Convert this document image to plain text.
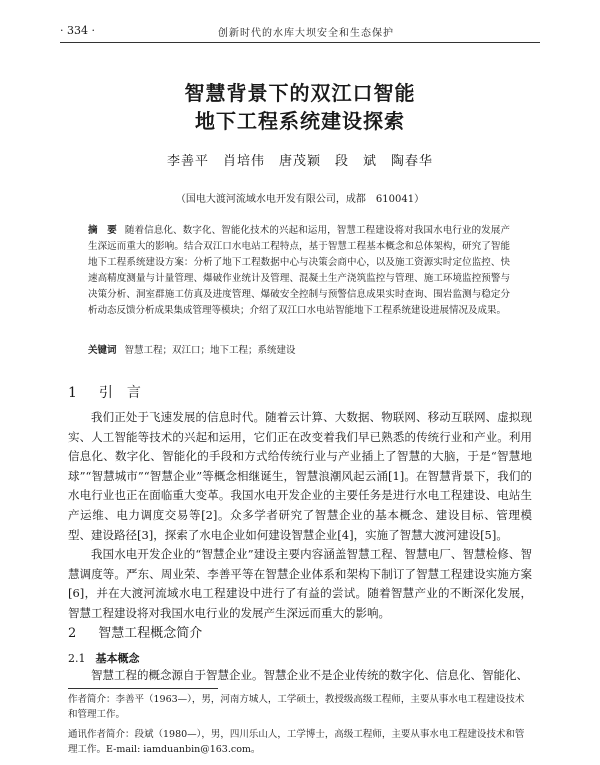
· 334 ·	创新时代的水库大坝安全和生态保护
智慧背景下的双江口智能
地下工程系统建设探索
李善平　肖培伟　唐茂颖　段　斌　陶春华
（国电大渡河流域水电开发有限公司，成都　610041）
摘　要 随着信息化、数字化、智能化技术的兴起和运用，智慧工程建设将对我国水电行业的发展产生深远而重大的影响。结合双江口水电站工程特点，基于智慧工程基本概念和总体架构，研究了智能地下工程系统建设方案：分析了地下工程数据中心与决策会商中心，以及施工资源实时定位监控、快速高精度测量与计量管理、爆破作业统计及管理、混凝土生产浇筑监控与管理、施工环境监控预警与决策分析、洞室群施工仿真及进度管理、爆破安全控制与预警信息成果实时查询、围岩监测与稳定分析动态反馈分析成果集成管理等模块；介绍了双江口水电站智能地下工程系统建设进展情况及成果。
关键词 智慧工程；双江口；地下工程；系统建设
1 引　言

我们正处于飞速发展的信息时代。随着云计算、大数据、物联网、移动互联网、虚拟现实、人工智能等技术的兴起和运用，它们正在改变着我们早已熟悉的传统行业和产业。利用信息化、数字化、智能化的手段和方式给传统行业与产业插上了智慧的大脑，于是“智慧地球”“智慧城市”“智慧企业”等概念相继诞生，智慧浪潮风起云涌[1]。在智慧背景下，我们的水电行业也正在面临重大变革。我国水电开发企业的主要任务是进行水电工程建设、电站生产运维、电力调度交易等[2]。众多学者研究了智慧企业的基本概念、建设目标、管理模型、建设路径[3]，探索了水电企业如何建设智慧企业[4]，实施了智慧大渡河建设[5]。

我国水电开发企业的“智慧企业”建设主要内容涵盖智慧工程、智慧电厂、智慧检修、智慧调度等。严东、周业荣、李善平等在智慧企业体系和架构下制订了智慧工程建设实施方案[6]，并在大渡河流域水电工程建设中进行了有益的尝试。随着智慧产业的不断深化发展，智慧工程建设将对我国水电行业的发展产生深远而重大的影响。

2 智慧工程概念简介
2.1 基本概念

智慧工程的概念源自于智慧企业。智慧企业不是企业传统的数字化、信息化、智能化、

作者简介：李善平（1963—），男，河南方城人，工学硕士，教授级高级工程师，主要从事水电工程建设技术和管理工作。

通讯作者简介：段斌（1980—），男，四川乐山人，工学博士，高级工程师，主要从事水电工程建设技术和管理工作。E-mail: iamduanbin@163.com。
